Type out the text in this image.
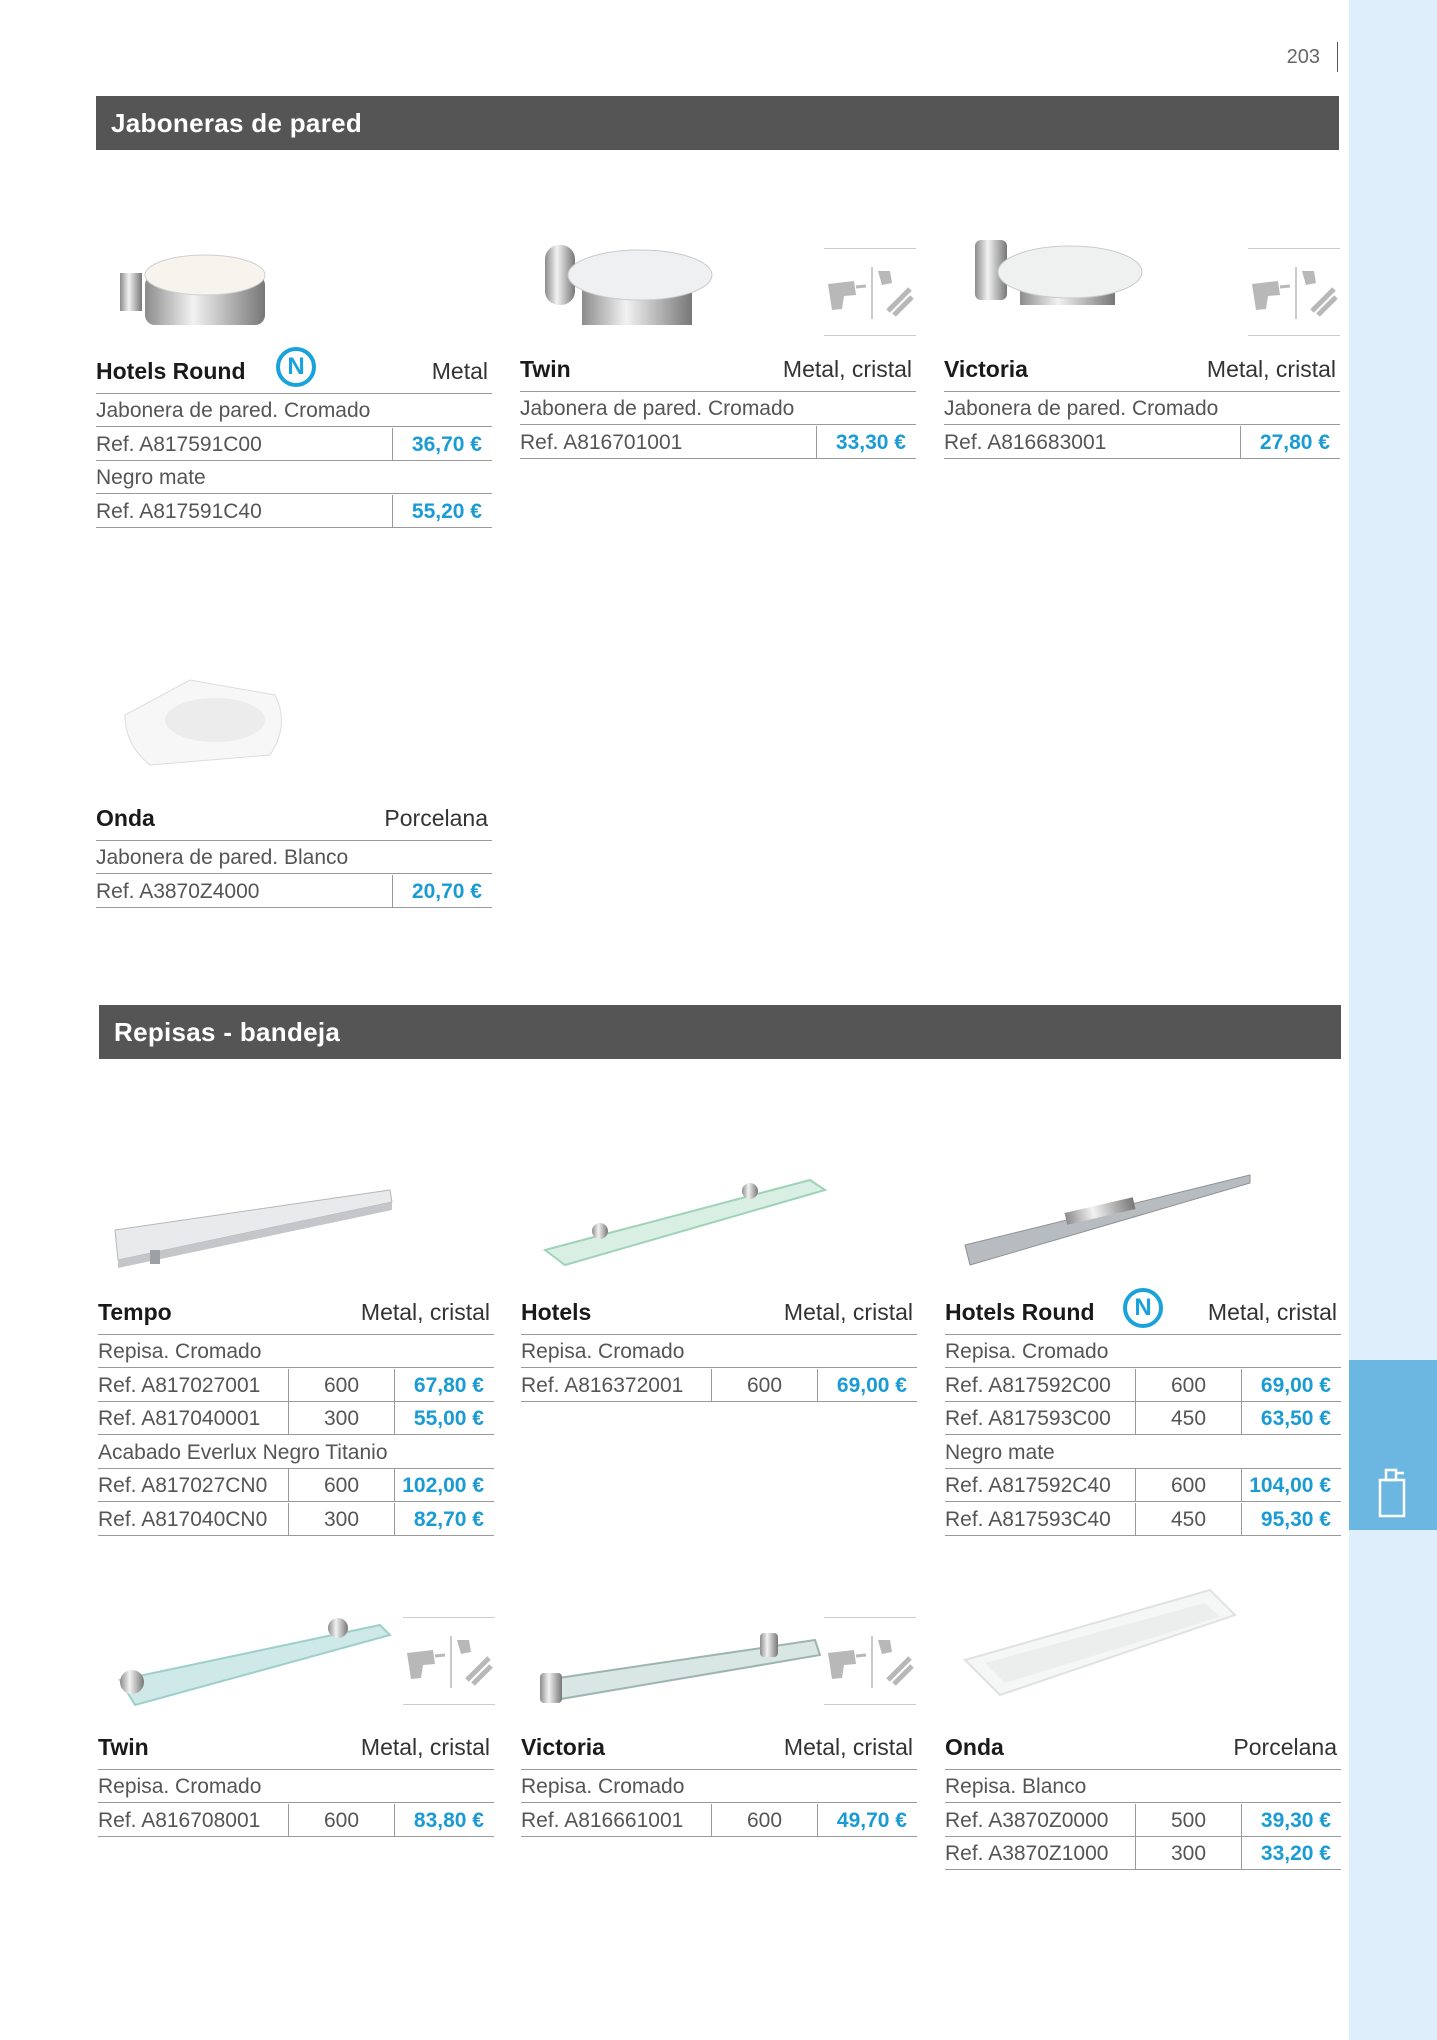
203
Jaboneras de pared
Repisas - bandeja
Hotels Round	N	Metal
Jabonera de pared. Cromado
Ref. A817591C00	36,70 €
Negro mate
Ref. A817591C40	55,20 €
Twin	Metal, cristal
Jabonera de pared. Cromado
Ref. A816701001	33,30 €
Victoria	Metal, cristal
Jabonera de pared. Cromado
Ref. A816683001	27,80 €
Onda	Porcelana
Jabonera de pared. Blanco
Ref. A3870Z4000	20,70 €
Tempo	Metal, cristal
Repisa. Cromado
Ref. A817027001	600	67,80 €
Ref. A817040001	300	55,00 €
Acabado Everlux Negro Titanio
Ref. A817027CN0	600	102,00 €
Ref. A817040CN0	300	82,70 €
Hotels	Metal, cristal
Repisa. Cromado
Ref. A816372001	600	69,00 €
Hotels Round	N	Metal, cristal
Repisa. Cromado
Ref. A817592C00	600	69,00 €
Ref. A817593C00	450	63,50 €
Negro mate
Ref. A817592C40	600	104,00 €
Ref. A817593C40	450	95,30 €
Twin	Metal, cristal
Repisa. Cromado
Ref. A816708001	600	83,80 €
Victoria	Metal, cristal
Repisa. Cromado
Ref. A816661001	600	49,70 €
Onda	Porcelana
Repisa. Blanco
Ref. A3870Z0000	500	39,30 €
Ref. A3870Z1000	300	33,20 €
